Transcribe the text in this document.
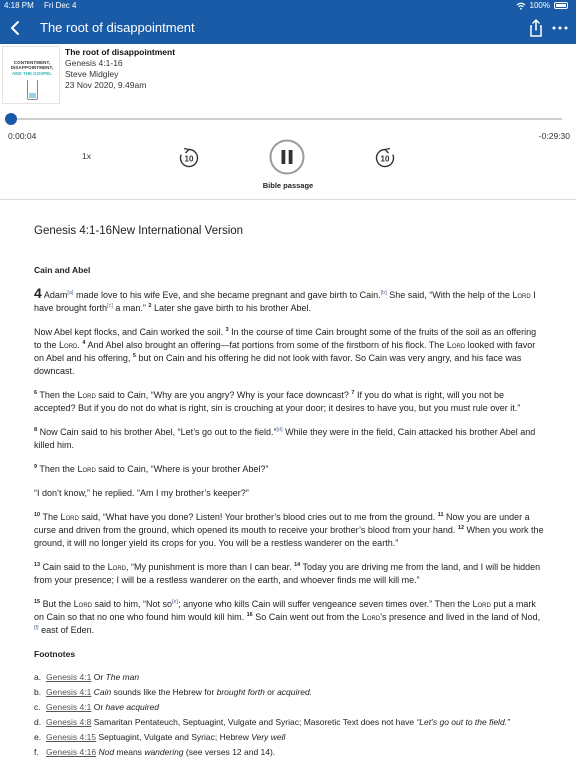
4:18 PM Fri Dec 4	100%
The root of disappointment
CONTENTMENT, DISAPPOINTMENT,
AND THE GOSPEL
The root of disappointment
Genesis 4:1-16
Steve Midgley
23 Nov 2020, 9.49am
0:00:04	-0:29:30
1x	10	10
Bible passage
Genesis 4:1-16New International Version
Cain and Abel

4 Adam[a] made love to his wife Eve, and she became pregnant and gave birth to Cain.[b] She said, “With the help of the Lord I have brought forth[c] a man.” $^2$ Later she gave birth to his brother Abel.

Now Abel kept flocks, and Cain worked the soil. $^3$ In the course of time Cain brought some of the fruits of the soil as an offering to the Lord. $^4$ And Abel also brought an offering—fat portions from some of the firstborn of his flock. The Lord looked with favor on Abel and his offering, $^5$ but on Cain and his offering he did not look with favor. So Cain was very angry, and his face was downcast.

$^6$ Then the Lord said to Cain, “Why are you angry? Why is your face downcast? $^7$ If you do what is right, will you not be accepted? But if you do not do what is right, sin is crouching at your door; it desires to have you, but you must rule over it.”

$^8$ Now Cain said to his brother Abel, “Let’s go out to the field.”[d] While they were in the field, Cain attacked his brother Abel and killed him.

$^9$ Then the Lord said to Cain, “Where is your brother Abel?”

“I don’t know,” he replied. “Am I my brother’s keeper?”

$^{10}$ The Lord said, “What have you done? Listen! Your brother’s blood cries out to me from the ground. $^{11}$ Now you are under a curse and driven from the ground, which opened its mouth to receive your brother’s blood from your hand. $^{12}$ When you work the ground, it will no longer yield its crops for you. You will be a restless wanderer on the earth.”

$^{13}$ Cain said to the Lord, “My punishment is more than I can bear. $^{14}$ Today you are driving me from the land, and I will be hidden from your presence; I will be a restless wanderer on the earth, and whoever finds me will kill me.”

$^{15}$ But the Lord said to him, “Not so[e]; anyone who kills Cain will suffer vengeance seven times over.” Then the Lord put a mark on Cain so that no one who found him would kill him. $^{16}$ So Cain went out from the Lord’s presence and lived in the land of Nod,[f] east of Eden.

Footnotes
a. Genesis 4:1 Or The man
b. Genesis 4:1 Cain sounds like the Hebrew for brought forth or acquired.
c. Genesis 4:1 Or have acquired
d. Genesis 4:8 Samaritan Pentateuch, Septuagint, Vulgate and Syriac; Masoretic Text does not have “Let’s go out to the field.”
e. Genesis 4:15 Septuagint, Vulgate and Syriac; Hebrew Very well
f. Genesis 4:16 Nod means wandering (see verses 12 and 14).
